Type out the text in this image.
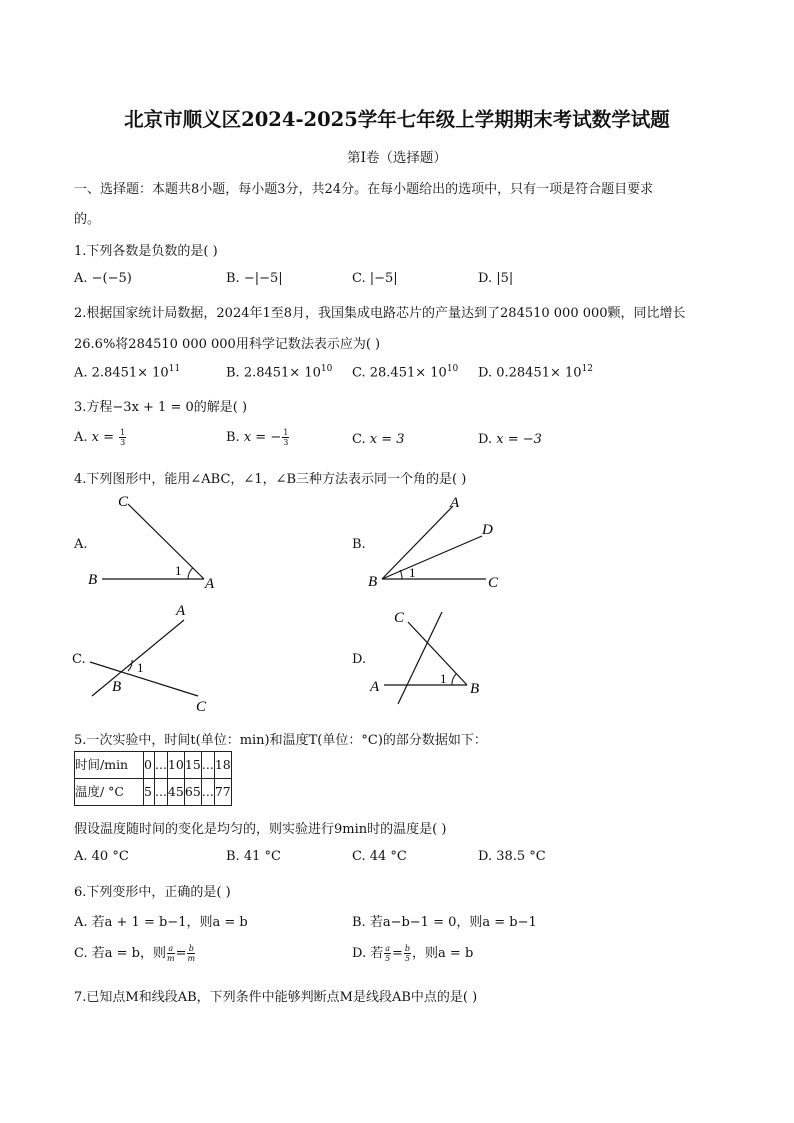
北京市顺义区2024-2025学年七年级上学期期末考试数学试题
第I卷（选择题）
一、选择题：本题共8小题，每小题3分，共24分。在每小题给出的选项中，只有一项是符合题目要求
的。
1.下列各数是负数的是( )
A. −(−5)	B. −|−5|	C. |−5|	D. |5|
2.根据国家统计局数据，2024年1至8月，我国集成电路芯片的产量达到了284510 000 000颗，同比增长
26.6%将284510 000 000用科学记数法表示应为( )
A. $2.8451\times 10^{11}$	B. $2.8451\times 10^{10}$ C. $28.451\times 10^{10}$ D. $0.28451\times 10^{12}$
3.方程−3x + 1 = 0的解是( )
A. $x = \frac{1}{3}$	B. x = − $\frac{1}{3}$	C. x = 3	D. x = −3
4.下列图形中，能用∠ABC，∠1，∠B三种方法表示同一个角的是( )
A.
C
B	A
1
B.
A
D
B	C
1
C.
A
B
C
1
D.
C
A	B
1
5.一次实验中，时间t(单位：min)和温度T(单位：°C)的部分数据如下：
时间/min	0	...	10	15	...	18
温度/ °C	5	...	45	65	...	77
假设温度随时间的变化是均匀的，则实验进行9min时的温度是( )
A. 40 °C	B. 41 °C	C. 44 °C	D. 38.5 °C
6.下列变形中，正确的是( )
A. 若a + 1 = b−1，则a = b	B. 若a−b−1 = 0，则a = b−1
C. 若a = b，则 $\frac{a}{m} = \frac{b}{m}$	D. 若 $\frac{a}{5} = \frac{b}{5}$ ，则a = b
7.已知点M和线段AB，下列条件中能够判断点M是线段AB中点的是( )
